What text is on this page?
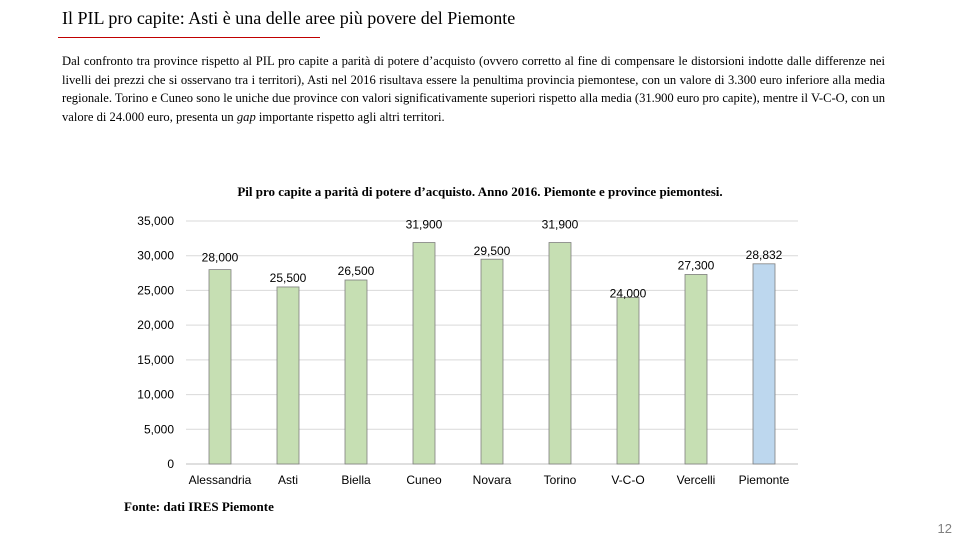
Il PIL pro capite: Asti è una delle aree più povere del Piemonte
Dal confronto tra province rispetto al PIL pro capite a parità di potere d’acquisto (ovvero corretto al fine di compensare le distorsioni indotte dalle differenze nei livelli dei prezzi che si osservano tra i territori), Asti nel 2016 risultava essere la penultima provincia piemontese, con un valore di 3.300 euro inferiore alla media regionale. Torino e Cuneo sono le uniche due province con valori significativamente superiori rispetto alla media (31.900 euro pro capite), mentre il V-C-O, con un valore di 24.000 euro, presenta un gap importante rispetto agli altri territori.
Pil pro capite a parità di potere d’acquisto. Anno 2016. Piemonte e province piemontesi.
0
5,000
10,000
15,000
20,000
25,000
30,000
35,000
28,000
Alessandria
25,500
Asti
26,500
Biella
31,900
Cuneo
29,500
Novara
31,900
Torino
24,000
V-C-O
27,300
Vercelli
28,832
Piemonte
Fonte: dati IRES Piemonte
12
